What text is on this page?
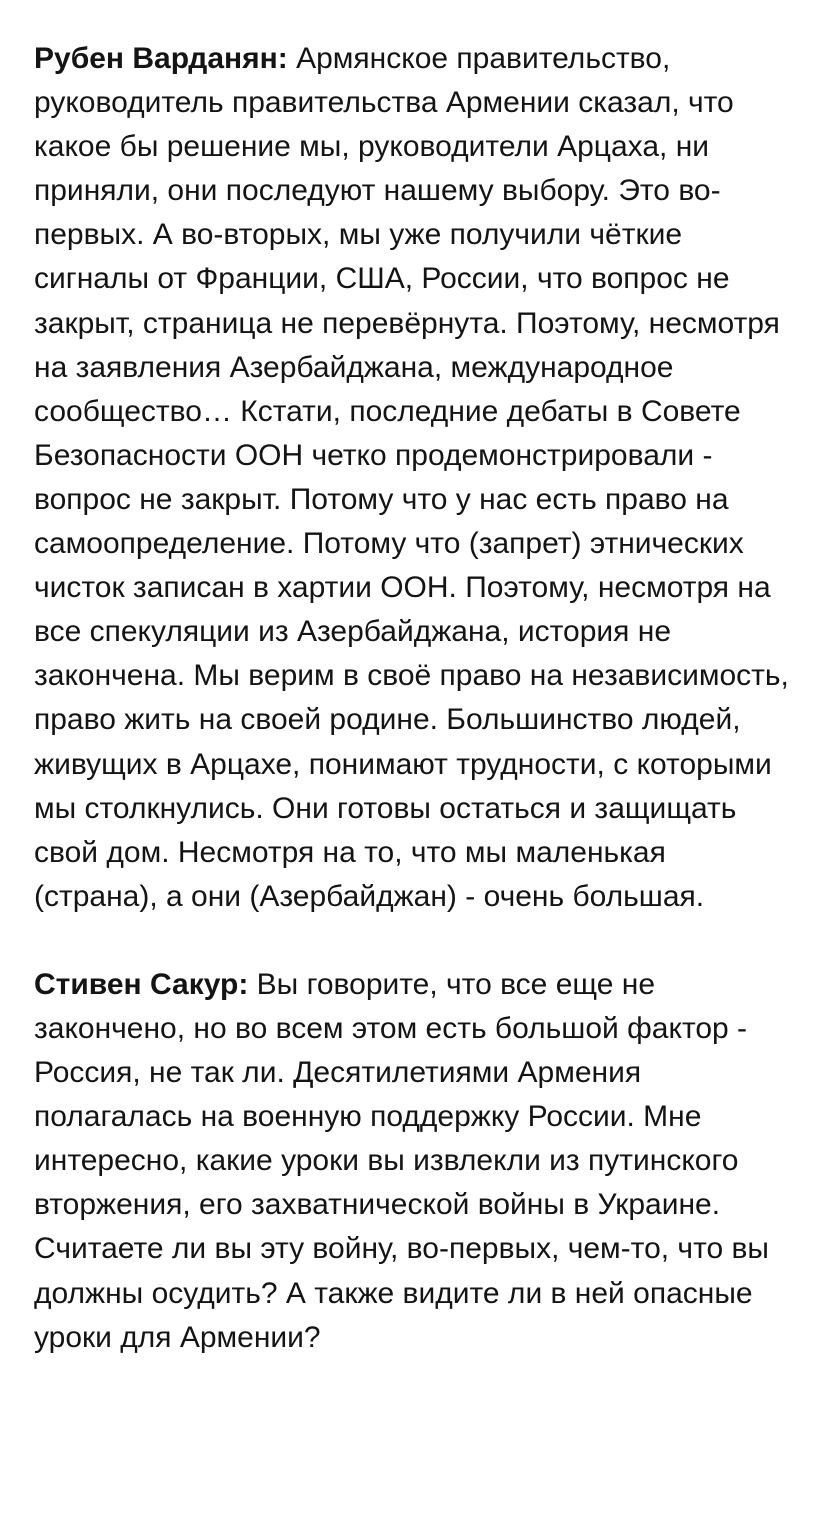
Рубен Варданян: Армянское правительство, руководитель правительства Армении сказал, что какое бы решение мы, руководители Арцаха, ни приняли, они последуют нашему выбору. Это во-первых. А во-вторых, мы уже получили чёткие сигналы от Франции, США, России, что вопрос не закрыт, страница не перевёрнута. Поэтому, несмотря на заявления Азербайджана, международное сообщество… Кстати, последние дебаты в Совете Безопасности ООН четко продемонстрировали - вопрос не закрыт. Потому что у нас есть право на самоопределение. Потому что (запрет) этнических чисток записан в хартии ООН. Поэтому, несмотря на все спекуляции из Азербайджана, история не закончена. Мы верим в своё право на независимость, право жить на своей родине. Большинство людей, живущих в Арцахе, понимают трудности, с которыми мы столкнулись. Они готовы остаться и защищать свой дом. Несмотря на то, что мы маленькая (страна), а они (Азербайджан) - очень большая.

Стивен Сакур: Вы говорите, что все еще не закончено, но во всем этом есть большой фактор - Россия, не так ли. Десятилетиями Армения полагалась на военную поддержку России. Мне интересно, какие уроки вы извлекли из путинского вторжения, его захватнической войны в Украине. Считаете ли вы эту войну, во-первых, чем-то, что вы должны осудить? А также видите ли в ней опасные уроки для Армении?
